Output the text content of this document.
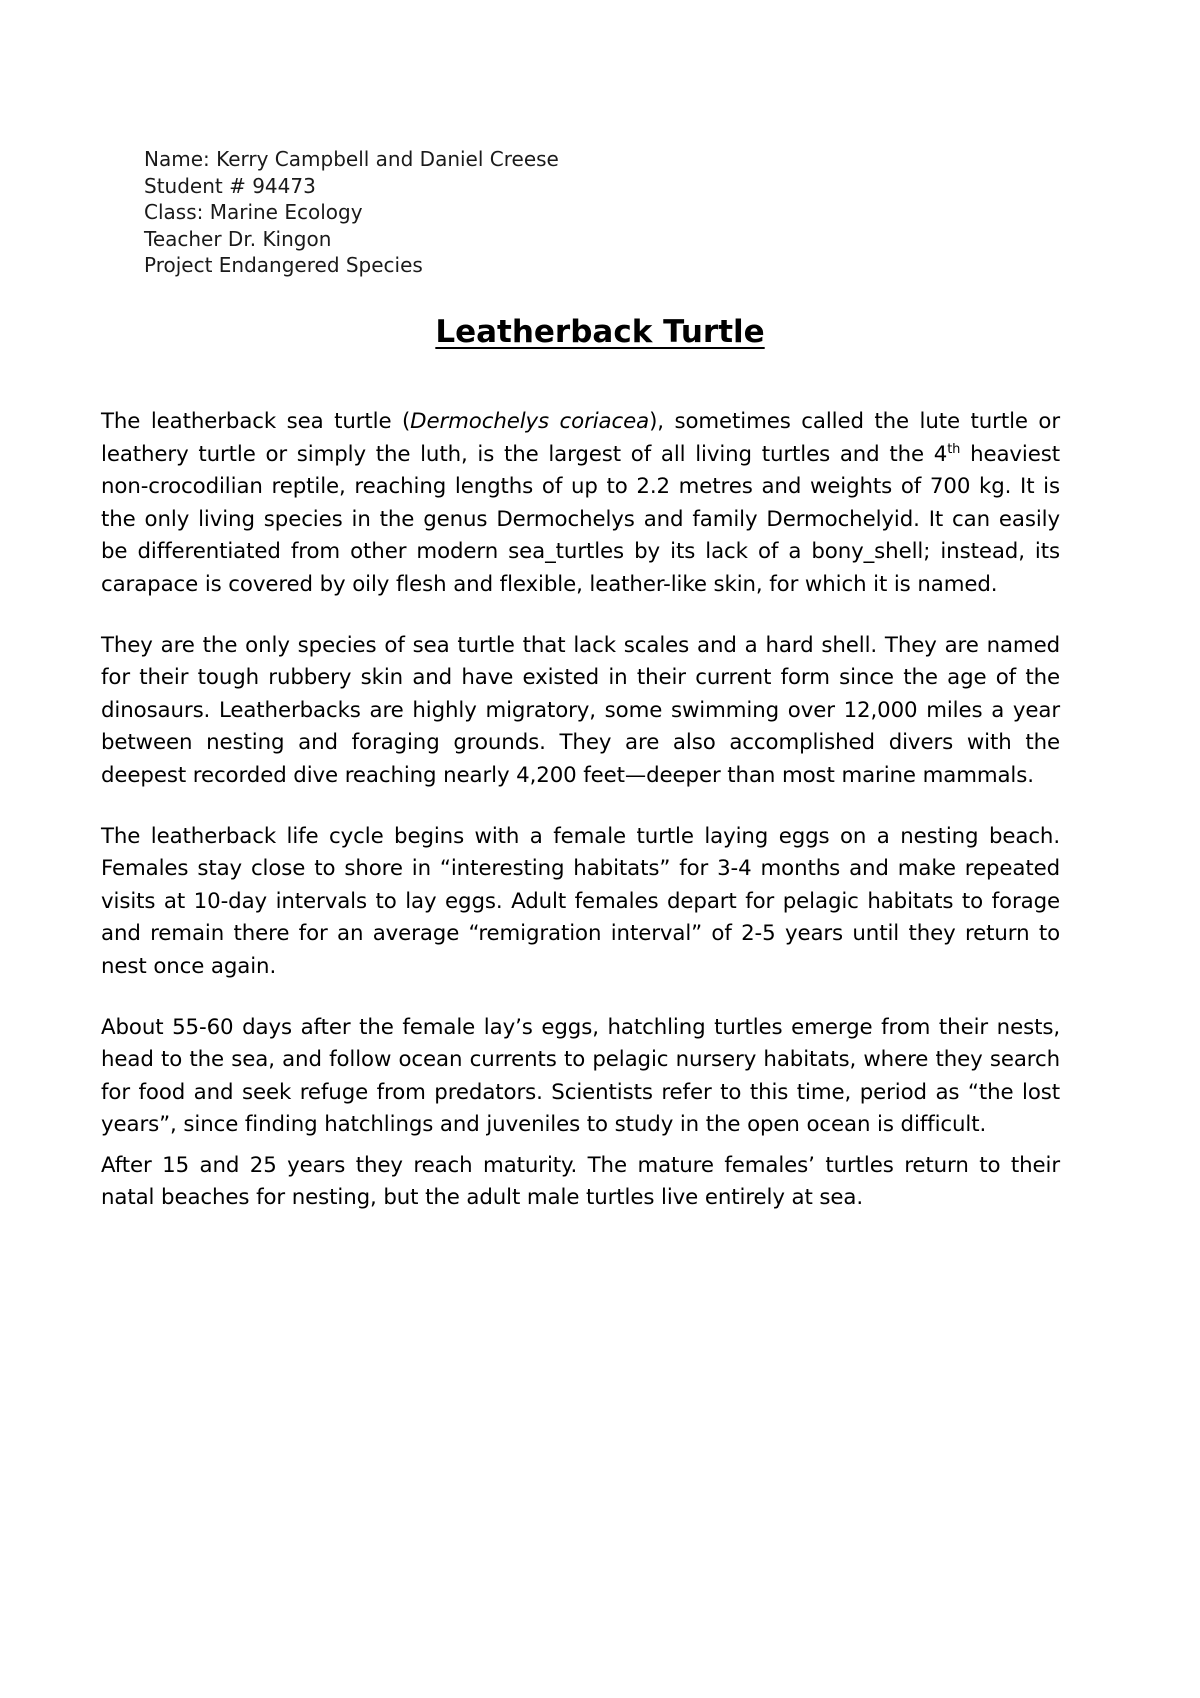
Name: Kerry Campbell and Daniel Creese
Student # 94473
Class: Marine Ecology
Teacher Dr. Kingon
Project Endangered Species
Leatherback Turtle

The leatherback sea turtle (Dermochelys coriacea), sometimes called the lute turtle or leathery turtle or simply the luth, is the largest of all living turtles and the 4th heaviest non-crocodilian reptile, reaching lengths of up to 2.2 metres and weights of 700 kg. It is the only living species in the genus Dermochelys and family Dermochelyid. It can easily be differentiated from other modern sea_turtles by its lack of a bony_shell; instead, its carapace is covered by oily flesh and flexible, leather-like skin, for which it is named.

They are the only species of sea turtle that lack scales and a hard shell. They are named for their tough rubbery skin and have existed in their current form since the age of the dinosaurs. Leatherbacks are highly migratory, some swimming over 12,000 miles a year between nesting and foraging grounds. They are also accomplished divers with the deepest recorded dive reaching nearly 4,200 feet—deeper than most marine mammals.

The leatherback life cycle begins with a female turtle laying eggs on a nesting beach. Females stay close to shore in “interesting habitats” for 3-4 months and make repeated visits at 10-day intervals to lay eggs. Adult females depart for pelagic habitats to forage and remain there for an average “remigration interval” of 2-5 years until they return to nest once again.

About 55-60 days after the female lay’s eggs, hatchling turtles emerge from their nests, head to the sea, and follow ocean currents to pelagic nursery habitats, where they search for food and seek refuge from predators. Scientists refer to this time, period as “the lost years”, since finding hatchlings and juveniles to study in the open ocean is difficult.

After 15 and 25 years they reach maturity. The mature females’ turtles return to their natal beaches for nesting, but the adult male turtles live entirely at sea.
